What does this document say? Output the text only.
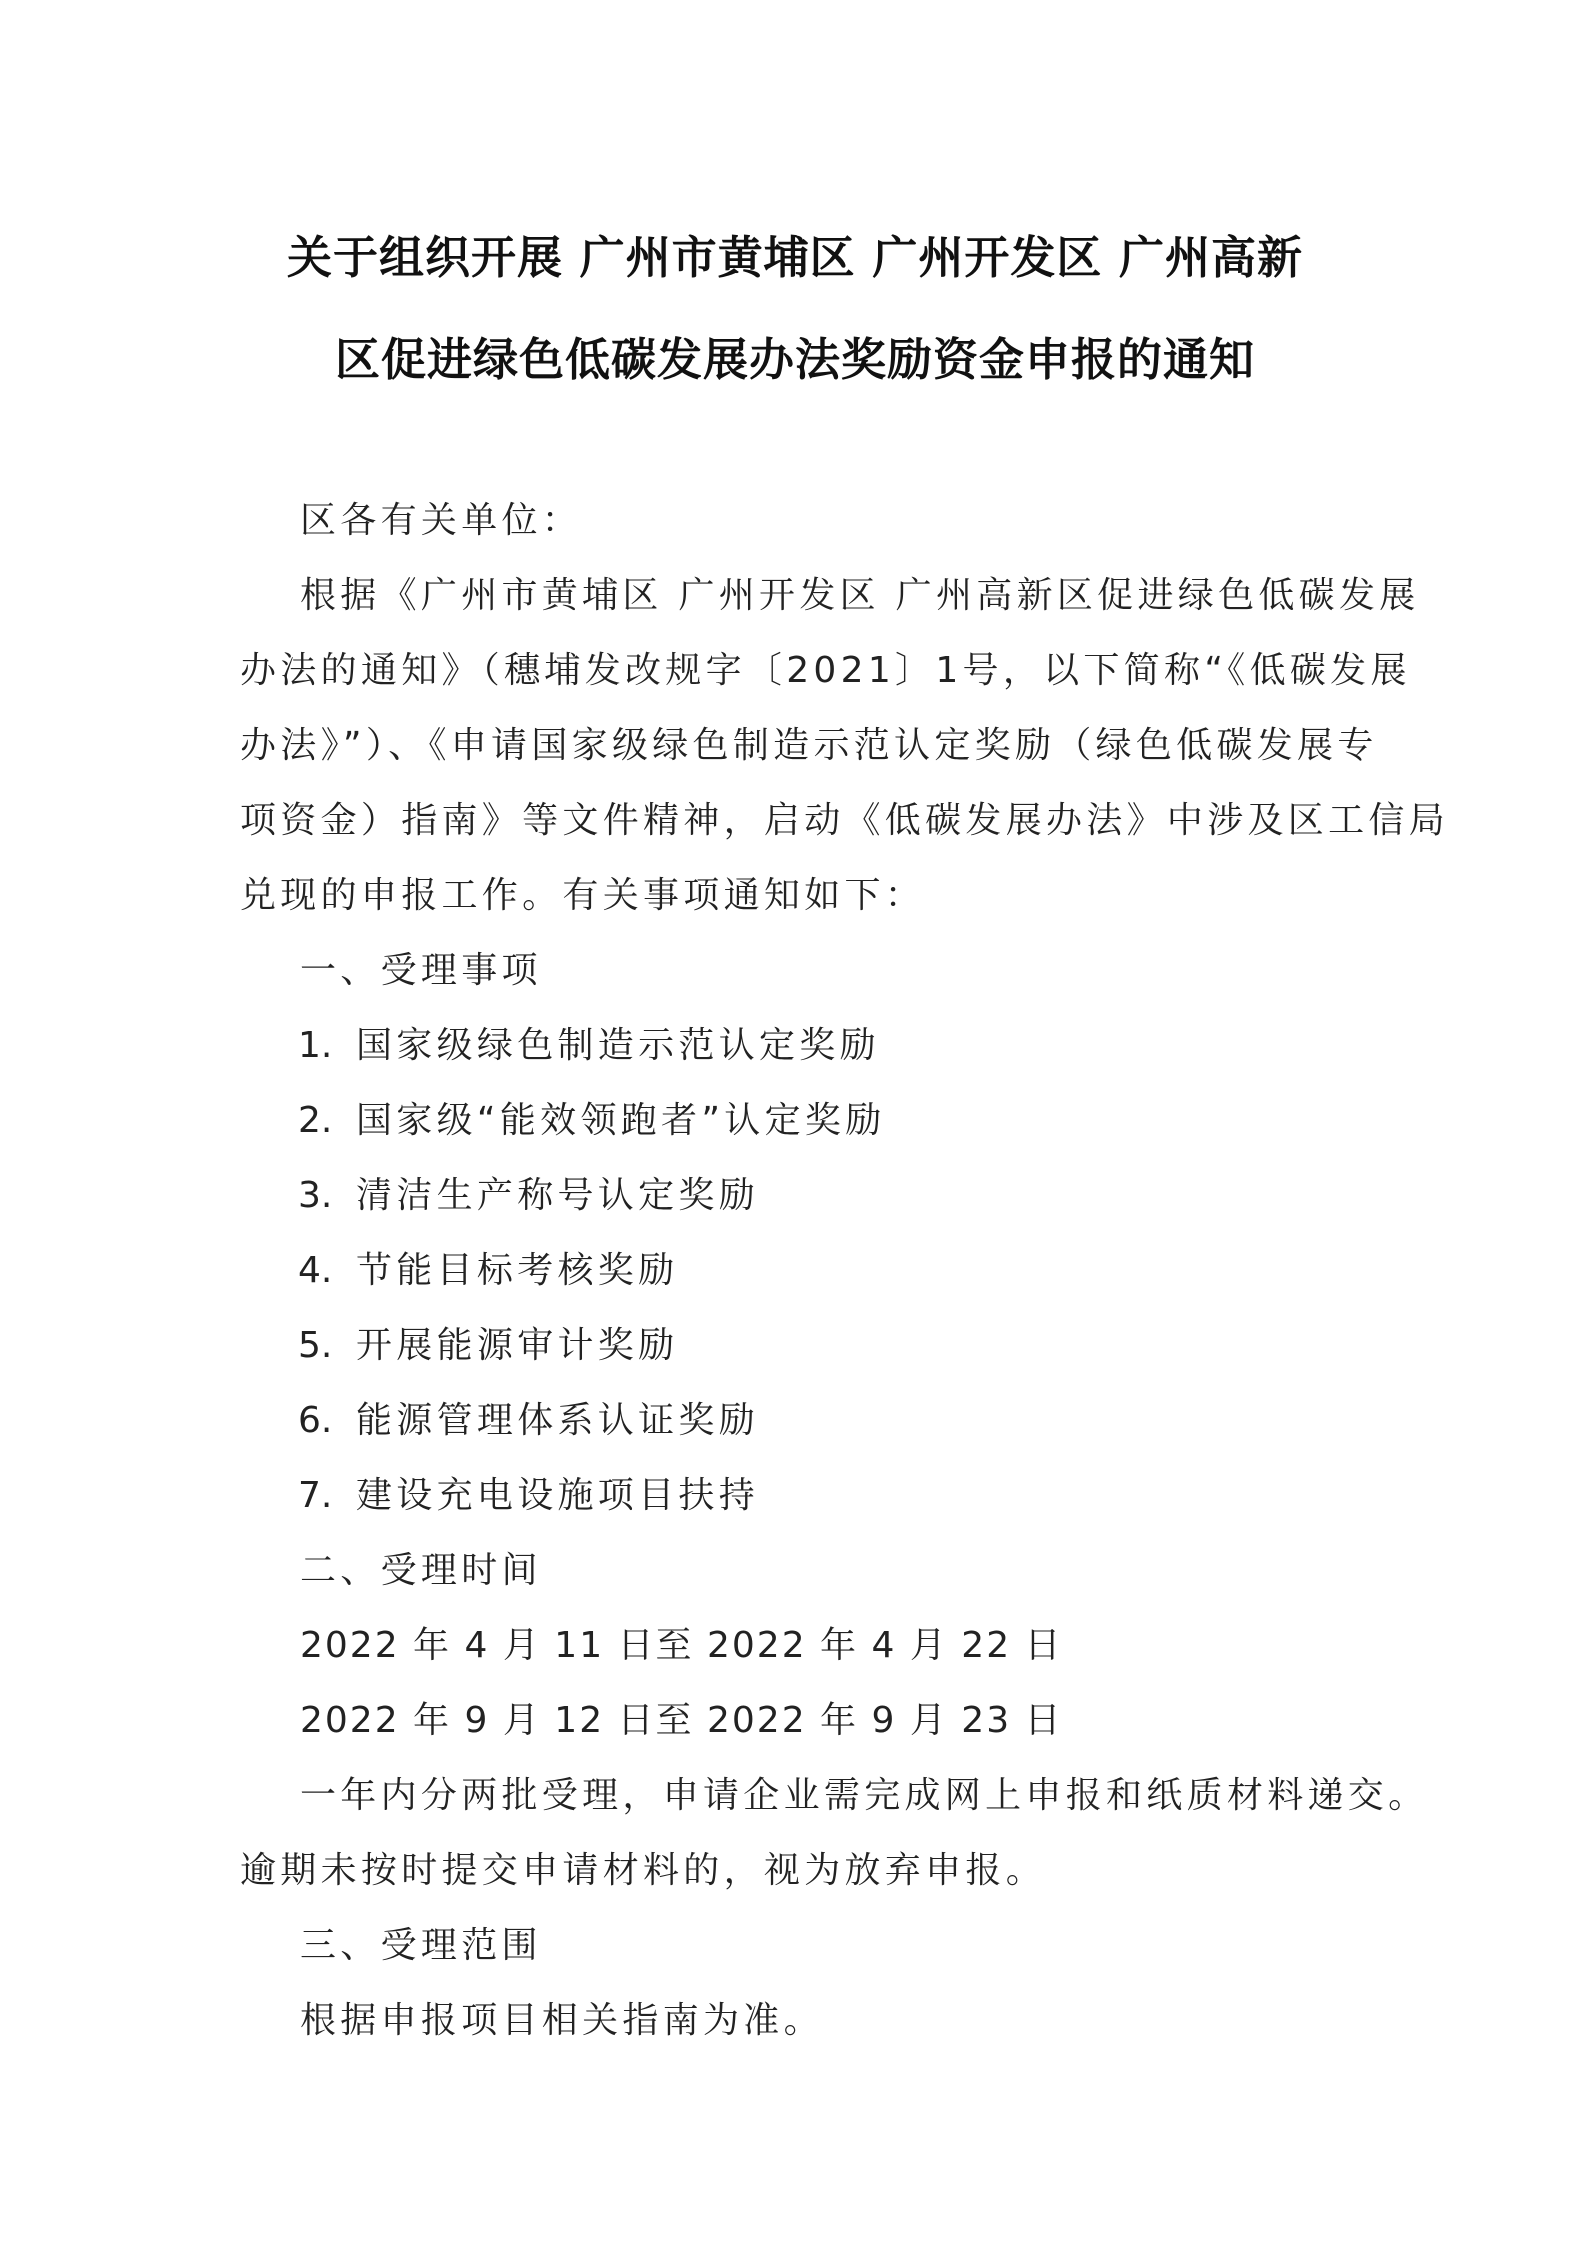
关于组织开展 广州市黄埔区 广州开发区 广州高新
区促进绿色低碳发展办法奖励资金申报的通知
区各有关单位：
根据《广州市黄埔区 广州开发区 广州高新区促进绿色低碳发展
办法的通知》（穗埔发改规字〔2021〕1号，以下简称“《低碳发展
办法》”）、《申请国家级绿色制造示范认定奖励（绿色低碳发展专
项资金）指南》等文件精神，启动《低碳发展办法》中涉及区工信局
兑现的申报工作。有关事项通知如下：
一、受理事项
1. 国家级绿色制造示范认定奖励
2. 国家级“能效领跑者”认定奖励
3. 清洁生产称号认定奖励
4. 节能目标考核奖励
5. 开展能源审计奖励
6. 能源管理体系认证奖励
7. 建设充电设施项目扶持
二、受理时间
2022 年 4 月 11 日至 2022 年 4 月 22 日
2022 年 9 月 12 日至 2022 年 9 月 23 日
一年内分两批受理，申请企业需完成网上申报和纸质材料递交。
逾期未按时提交申请材料的，视为放弃申报。
三、受理范围
根据申报项目相关指南为准。
